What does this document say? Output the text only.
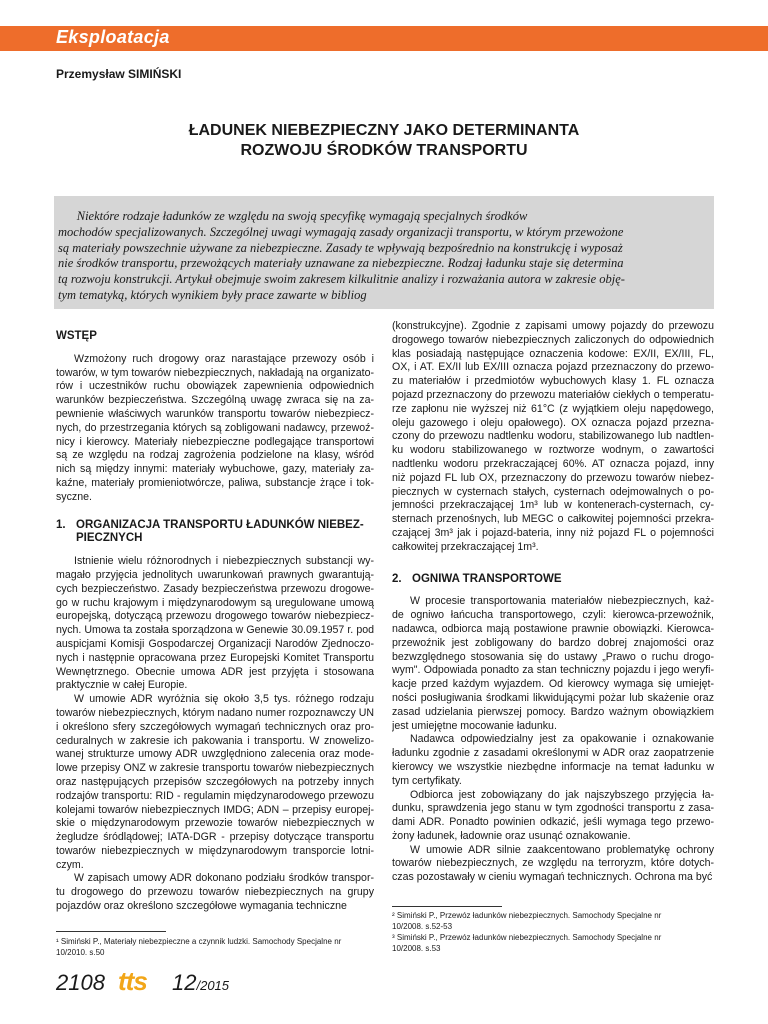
Eksploatacja
Przemysław SIMIŃSKI
ŁADUNEK NIEBEZPIECZNY JAKO DETERMINANTA
ROZWOJU ŚRODKÓW TRANSPORTU
Niektóre rodzaje ładunków ze względu na swoją specyfikę wymagają specjalnych środków
mochodów specjalizowanych. Szczególnej uwagi wymagają zasady organizacji transportu, w którym przewożone
są materiały powszechnie używane za niebezpieczne. Zasady te wpływają bezpośrednio na konstrukcję i wyposaż
nie środków transportu, przewożących materiały uznawane za niebezpieczne. Rodzaj ładunku staje się determina
tą rozwoju konstrukcji. Artykuł obejmuje swoim zakresem kilkulitnie analizy i rozważania autora w zakresie obję-
tym tematyką, których wynikiem były prace zawarte w bibliog
WSTĘP
Wzmożony ruch drogowy oraz narastające przewozy osób i
towarów, w tym towarów niebezpiecznych, nakładają na organizato-
rów i uczestników ruchu obowiązek zapewnienia odpowiednich
warunków bezpieczeństwa. Szczególną uwagę zwraca się na za-
pewnienie właściwych warunków transportu towarów niebezpiecz-
nych, do przestrzegania których są zobligowani nadawcy, przewoź-
nicy i kierowcy. Materiały niebezpieczne podlegające transportowi
są ze względu na rodzaj zagrożenia podzielone na klasy, wśród
nich są między innymi: materiały wybuchowe, gazy, materiały za-
kaźne, materiały promieniotwórcze, paliwa, substancje żrące i tok-
syczne.
1. ORGANIZACJA TRANSPORTU ŁADUNKÓW NIEBEZ-
PIECZNYCH
Istnienie wielu różnorodnych i niebezpiecznych substancji wy-
magało przyjęcia jednolitych uwarunkowań prawnych gwarantują-
cych bezpieczeństwo. Zasady bezpieczeństwa przewozu drogowe-
go w ruchu krajowym i międzynarodowym są uregulowane umową
europejską, dotyczącą przewozu drogowego towarów niebezpiecz-
nych. Umowa ta została sporządzona w Genewie 30.09.1957 r. pod
auspicjami Komisji Gospodarczej Organizacji Narodów Zjednoczo-
nych i następnie opracowana przez Europejski Komitet Transportu
Wewnętrznego. Obecnie umowa ADR jest przyjęta i stosowana
praktycznie w całej Europie.
W umowie ADR wyróżnia się około 3,5 tys. różnego rodzaju
towarów niebezpiecznych, którym nadano numer rozpoznawczy UN
i określono sfery szczegółowych wymagań technicznych oraz pro-
ceduralnych w zakresie ich pakowania i transportu. W znowelizo-
wanej strukturze umowy ADR uwzględniono zalecenia oraz mode-
lowe przepisy ONZ w zakresie transportu towarów niebezpiecznych
oraz następujących przepisów szczegółowych na potrzeby innych
rodzajów transportu: RID - regulamin międzynarodowego przewozu
kolejami towarów niebezpiecznych IMDG; ADN – przepisy europej-
skie o międzynarodowym przewozie towarów niebezpiecznych w
żegludze śródlądowej; IATA-DGR - przepisy dotyczące transportu
towarów niebezpiecznych w międzynarodowym transporcie lotni-
czym.
W zapisach umowy ADR dokonano podziału środków transpor-
tu drogowego do przewozu towarów niebezpiecznych na grupy
pojazdów oraz określono szczegółowe wymagania techniczne
¹ Simiński P., Materiały niebezpieczne a czynnik ludzki. Samochody Specjalne nr
10/2010. s.50
(konstrukcyjne). Zgodnie z zapisami umowy pojazdy do przewozu
drogowego towarów niebezpiecznych zaliczonych do odpowiednich
klas posiadają następujące oznaczenia kodowe: EX/II, EX/III, FL,
OX, i AT. EX/II lub EX/III oznacza pojazd przeznaczony do przewo-
zu materiałów i przedmiotów wybuchowych klasy 1. FL oznacza
pojazd przeznaczony do przewozu materiałów ciekłych o temperatu-
rze zapłonu nie wyższej niż 61°C (z wyjątkiem oleju napędowego,
oleju gazowego i oleju opałowego). OX oznacza pojazd przezna-
czony do przewozu nadtlenku wodoru, stabilizowanego lub nadtlen-
ku wodoru stabilizowanego w roztworze wodnym, o zawartości
nadtlenku wodoru przekraczającej 60%. AT oznacza pojazd, inny
niż pojazd FL lub OX, przeznaczony do przewozu towarów niebez-
piecznych w cysternach stałych, cysternach odejmowalnych o po-
jemności przekraczającej 1m³ lub w kontenerach-cysternach, cy-
sternach przenośnych, lub MEGC o całkowitej pojemności przekra-
czającej 3m³ jak i pojazd-bateria, inny niż pojazd FL o pojemności
całkowitej przekraczającej 1m³.
2. OGNIWA TRANSPORTOWE
W procesie transportowania materiałów niebezpiecznych, każ-
de ogniwo łańcucha transportowego, czyli: kierowca-przewoźnik,
nadawca, odbiorca mają postawione prawnie obowiązki. Kierowca-
przewoźnik jest zobligowany do bardzo dobrej znajomości oraz
bezwzględnego stosowania się do ustawy „Prawo o ruchu drogo-
wym". Odpowiada ponadto za stan techniczny pojazdu i jego weryfi-
kacje przed każdym wyjazdem. Od kierowcy wymaga się umiejęt-
ności posługiwania środkami likwidującymi pożar lub skażenie oraz
zasad udzielania pierwszej pomocy. Bardzo ważnym obowiązkiem
jest umiejętne mocowanie ładunku.
Nadawca odpowiedzialny jest za opakowanie i oznakowanie
ładunku zgodnie z zasadami określonymi w ADR oraz zaopatrzenie
kierowcy we wszystkie niezbędne informacje na temat ładunku w
tym certyfikaty.
Odbiorca jest zobowiązany do jak najszybszego przyjęcia ła-
dunku, sprawdzenia jego stanu w tym zgodności transportu z zasa-
dami ADR. Ponadto powinien odkazić, jeśli wymaga tego przewo-
żony ładunek, ładownie oraz usunąć oznakowanie.
W umowie ADR silnie zaakcentowano problematykę ochrony
towarów niebezpiecznych, ze względu na terroryzm, które dotych-
czas pozostawały w cieniu wymagań technicznych. Ochrona ma być
² Simiński P., Przewóz ładunków niebezpiecznych. Samochody Specjalne nr
10/2008. s.52-53
³ Simiński P., Przewóz ładunków niebezpiecznych. Samochody Specjalne nr
10/2008. s.53
2108 tts 12/2015
